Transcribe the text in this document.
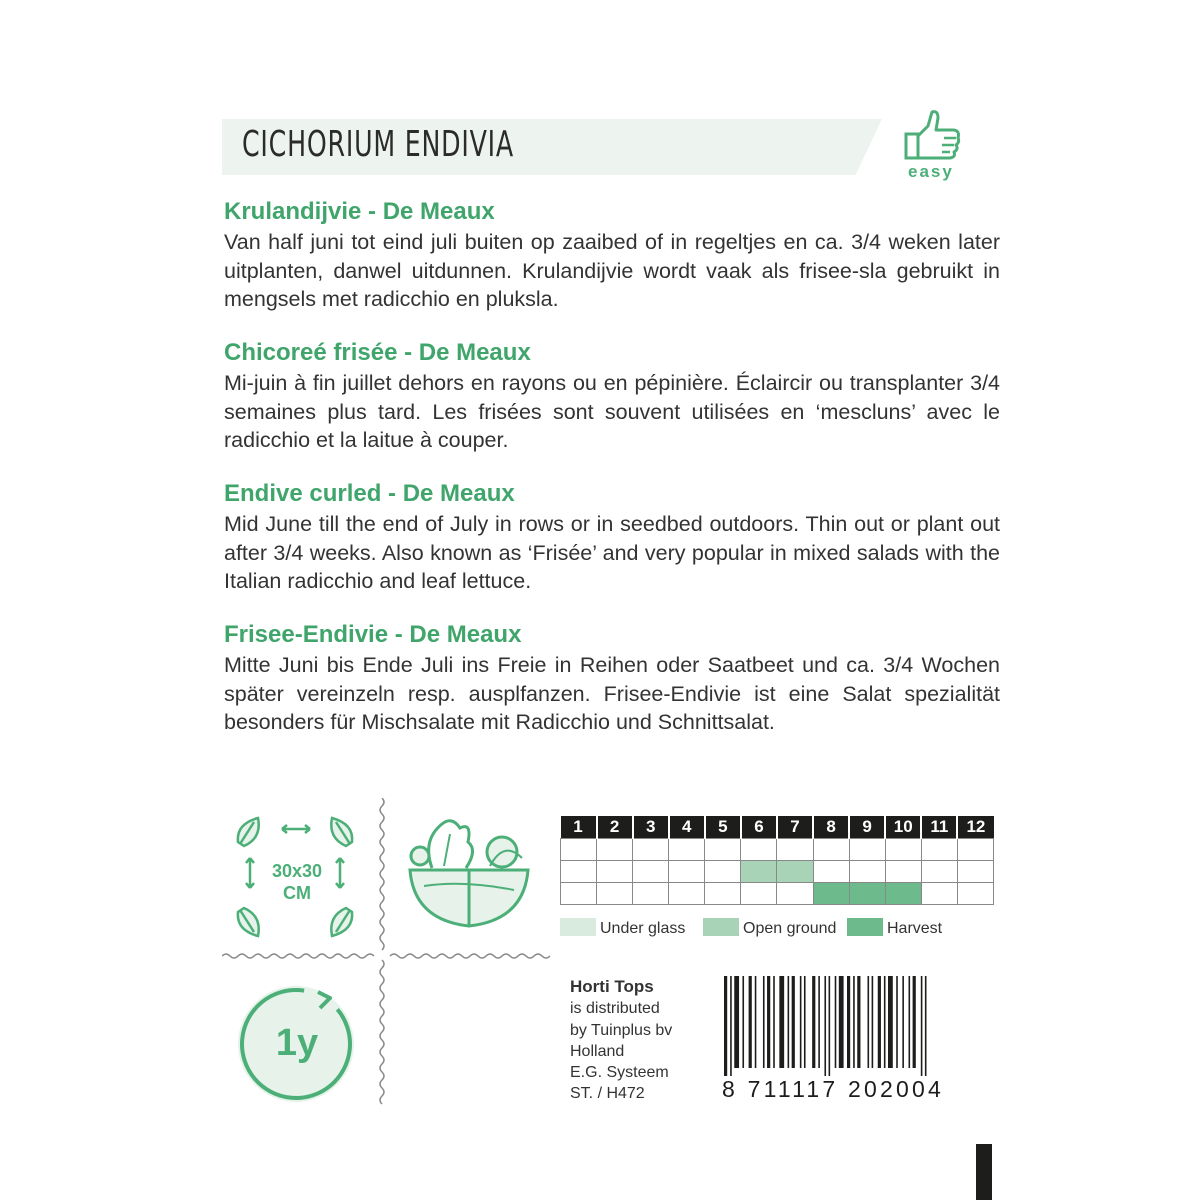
CICHORIUM ENDIVIA
easy

Krulandijvie - De Meaux

Van half juni tot eind juli buiten op zaaibed of in regeltjes en ca. 3/4 weken later uitplanten, danwel uitdunnen. Krulandijvie wordt vaak als frisee-sla gebruikt in mengsels met radicchio en pluksla.

Chicoreé frisée - De Meaux

Mi-juin à fin juillet dehors en rayons ou en pépinière. Éclaircir ou transplanter 3/4 semaines plus tard. Les frisées sont souvent utilisées en ‘mescluns’ avec le radicchio et la laitue à couper.

Endive curled - De Meaux

Mid June till the end of July in rows or in seedbed outdoors. Thin out or plant out after 3/4 weeks. Also known as ‘Frisée’ and very popular in mixed salads with the Italian radicchio and leaf lettuce.

Frisee-Endivie - De Meaux

Mitte Juni bis Ende Juli ins Freie in Reihen oder Saatbeet und ca. 3/4 Wochen später vereinzeln resp. ausplfanzen. Frisee-Endivie ist eine Salat spezialität besonders für Mischsalate mit Radicchio und Schnittsalat.

30x30
CM
1y
1	2	3	4	5	6	7	8	9	10	11	12

Under glass	Open ground	Harvest
Horti Tops
is distributed
by Tuinplus bv
Holland
E.G. Systeem
ST. / H472	8 711117 202004
